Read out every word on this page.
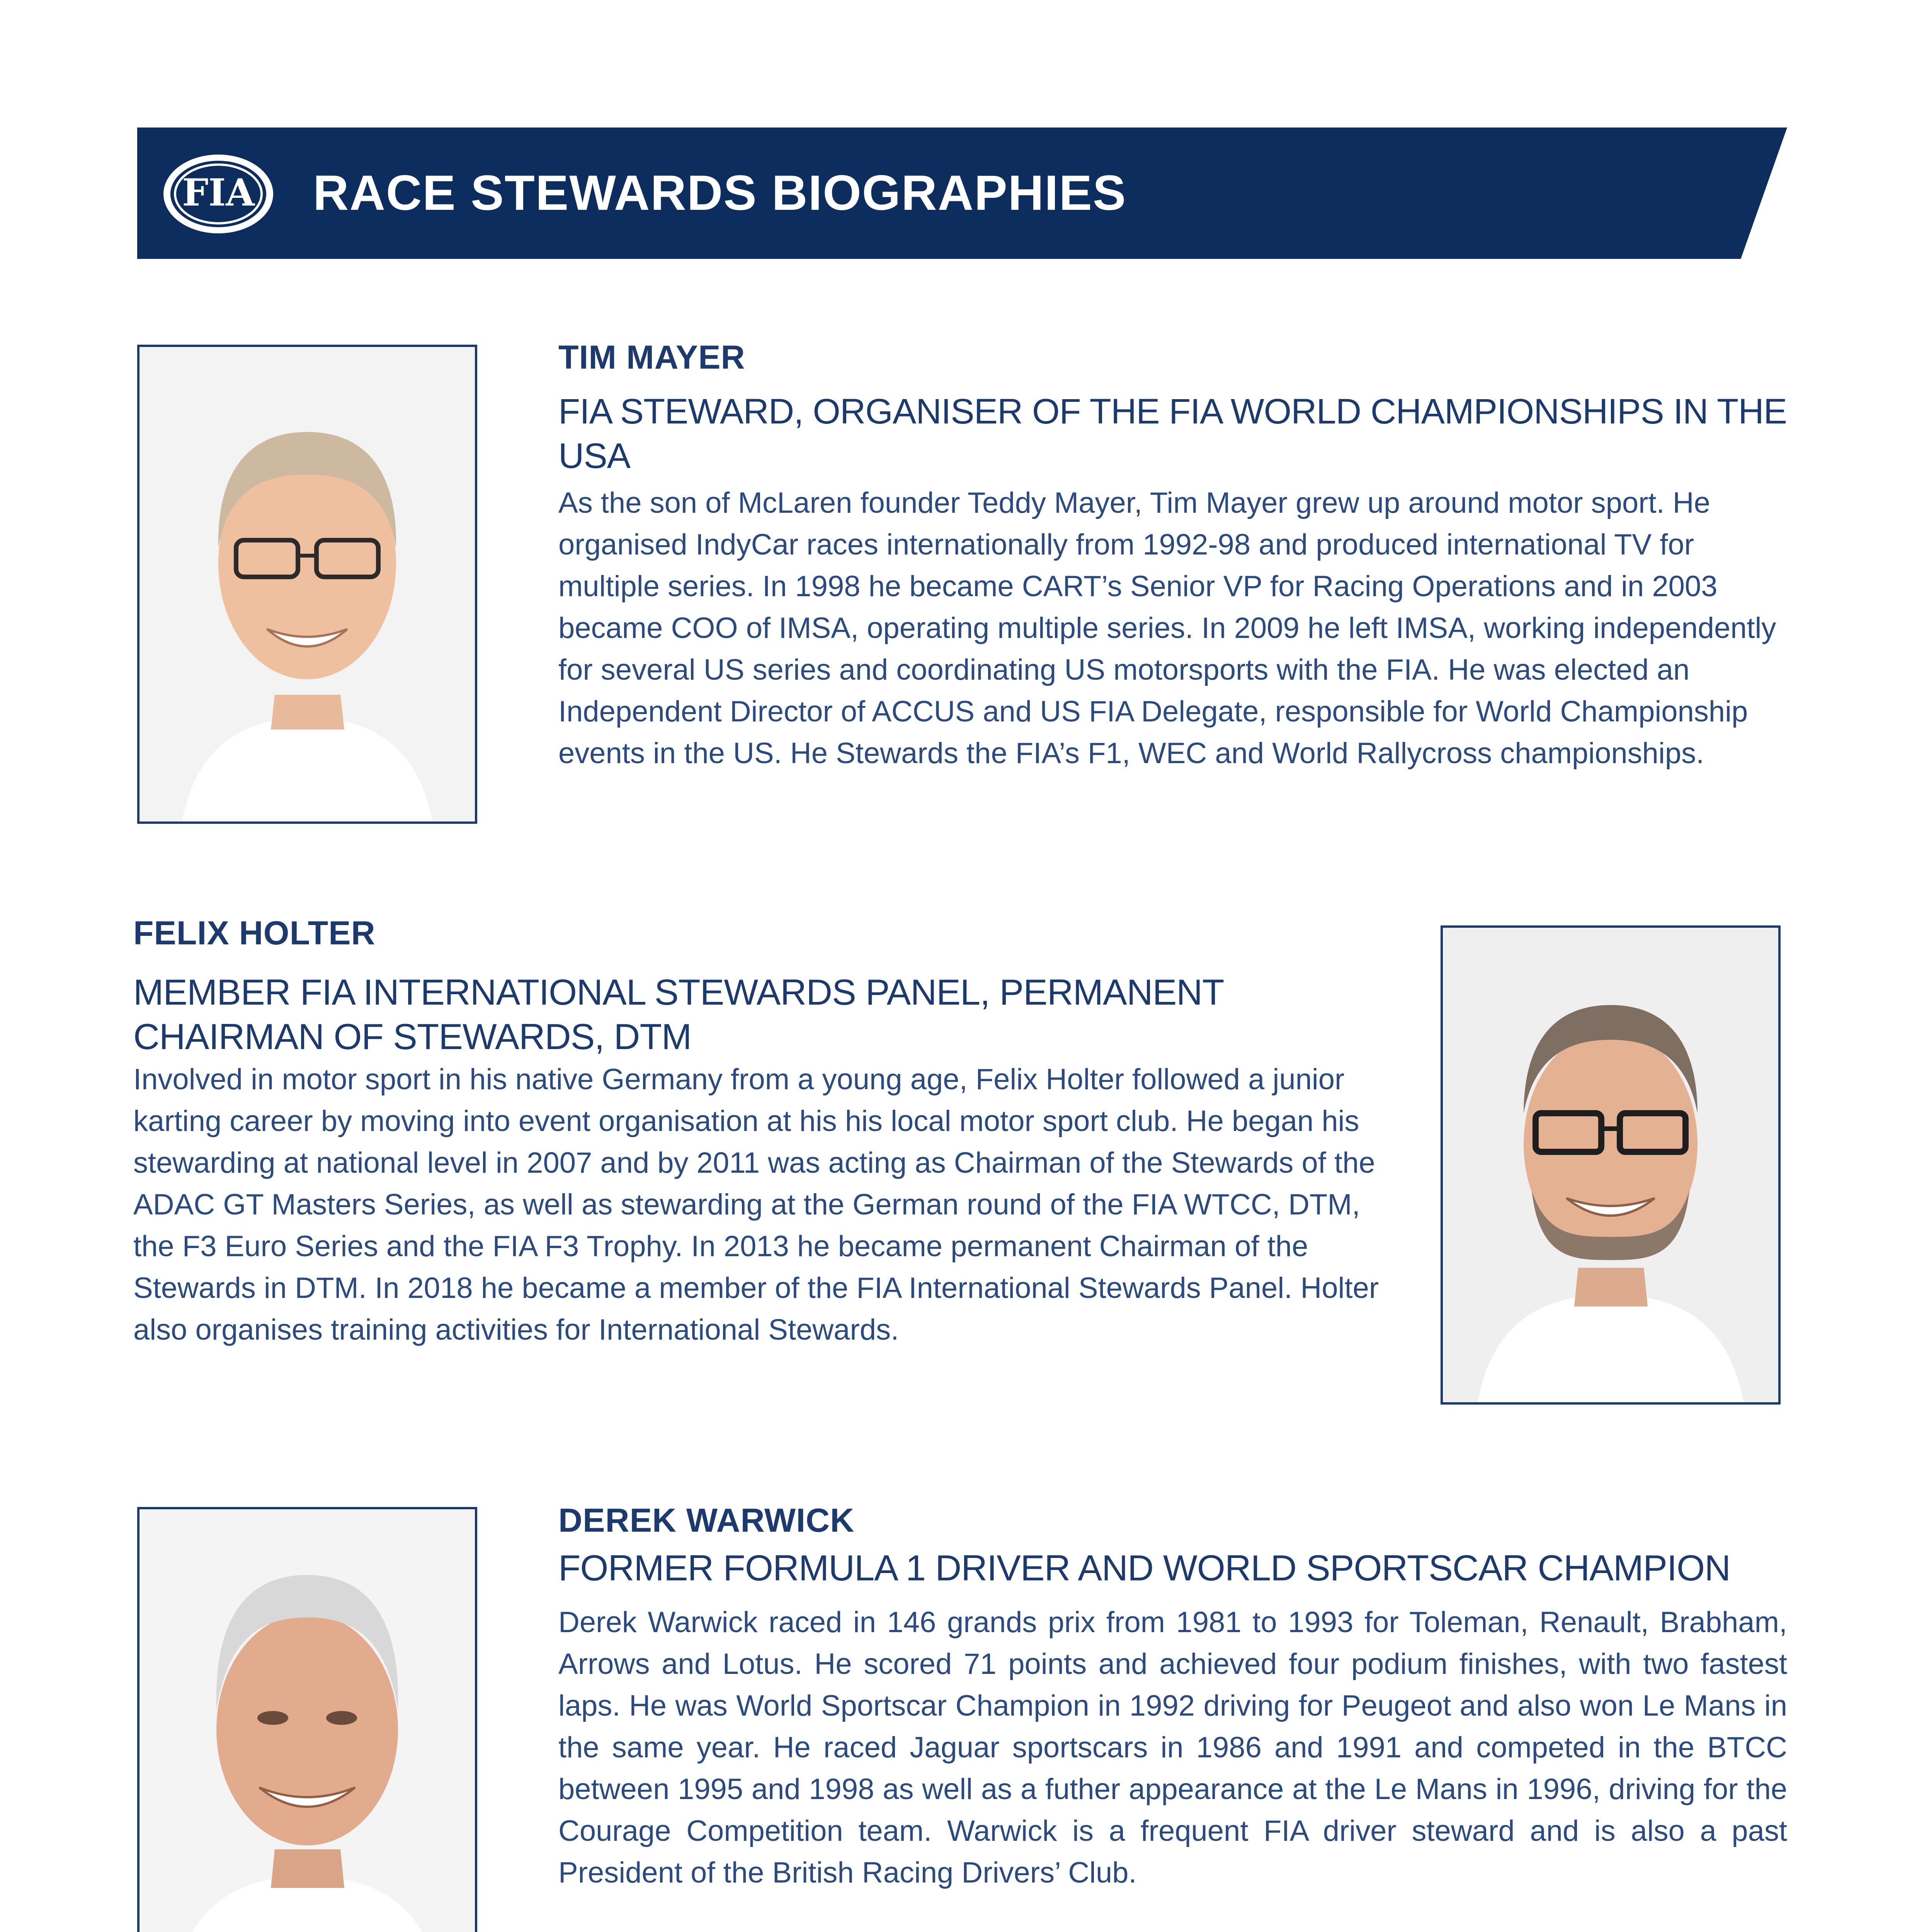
FIA RACE STEWARDS BIOGRAPHIES

TIM MAYER

FIA STEWARD, ORGANISER OF THE FIA WORLD CHAMPIONSHIPS IN THE USA

As the son of McLaren founder Teddy Mayer, Tim Mayer grew up around motor sport. He organised IndyCar races internationally from 1992-98 and produced international TV for multiple series. In 1998 he became CART’s Senior VP for Racing Operations and in 2003 became COO of IMSA, operating multiple series. In 2009 he left IMSA, working independently for several US series and coordinating US motorsports with the FIA. He was elected an Independent Director of ACCUS and US FIA Delegate, responsible for World Championship events in the US. He Stewards the FIA’s F1, WEC and World Rallycross championships.

FELIX HOLTER

MEMBER FIA INTERNATIONAL STEWARDS PANEL, PERMANENT CHAIRMAN OF STEWARDS, DTM

Involved in motor sport in his native Germany from a young age, Felix Holter followed a junior karting career by moving into event organisation at his his local motor sport club. He began his stewarding at national level in 2007 and by 2011 was acting as Chairman of the Stewards of the ADAC GT Masters Series, as well as stewarding at the German round of the FIA WTCC, DTM, the F3 Euro Series and the FIA F3 Trophy. In 2013 he became permanent Chairman of the Stewards in DTM. In 2018 he became a member of the FIA International Stewards Panel. Holter also organises training activities for International Stewards.

DEREK WARWICK

FORMER FORMULA 1 DRIVER AND WORLD SPORTSCAR CHAMPION

Derek Warwick raced in 146 grands prix from 1981 to 1993 for Toleman, Renault, Brabham, Arrows and Lotus. He scored 71 points and achieved four podium finishes, with two fastest laps. He was World Sportscar Champion in 1992 driving for Peugeot and also won Le Mans in the same year. He raced Jaguar sportscars in 1986 and 1991 and competed in the BTCC between 1995 and 1998 as well as a futher appearance at the Le Mans in 1996, driving for the Courage Competition team. Warwick is a frequent FIA driver steward and is also a past President of the British Racing Drivers’ Club.
